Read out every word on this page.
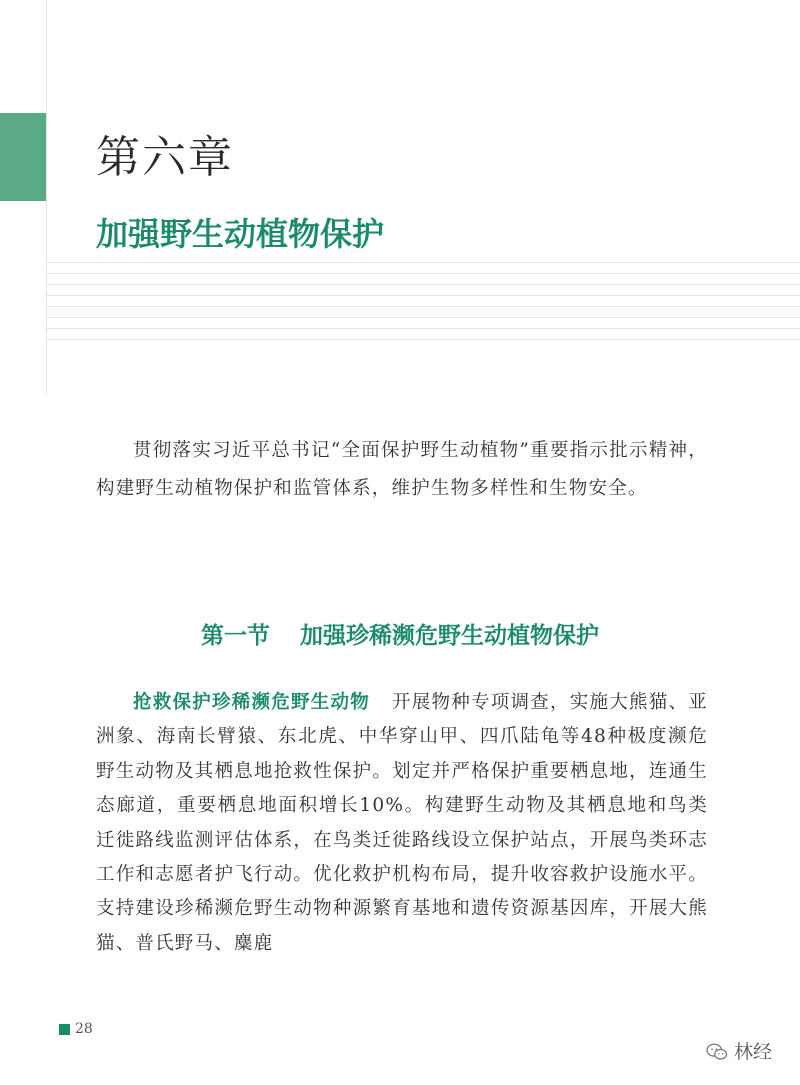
第六章
加强野生动植物保护

贯彻落实习近平总书记“全面保护野生动植物”重要指示批示精神，构建野生动植物保护和监管体系，维护生物多样性和生物安全。

第一节 加强珍稀濒危野生动植物保护

抢救保护珍稀濒危野生动物 开展物种专项调查，实施大熊猫、亚洲象、海南长臂猿、东北虎、中华穿山甲、四爪陆龟等48种极度濒危野生动物及其栖息地抢救性保护。划定并严格保护重要栖息地，连通生态廊道，重要栖息地面积增长10%。构建野生动物及其栖息地和鸟类迁徙路线监测评估体系，在鸟类迁徙路线设立保护站点，开展鸟类环志工作和志愿者护飞行动。优化救护机构布局，提升收容救护设施水平。支持建设珍稀濒危野生动物种源繁育基地和遗传资源基因库，开展大熊猫、普氏野马、麋鹿

28
林经
